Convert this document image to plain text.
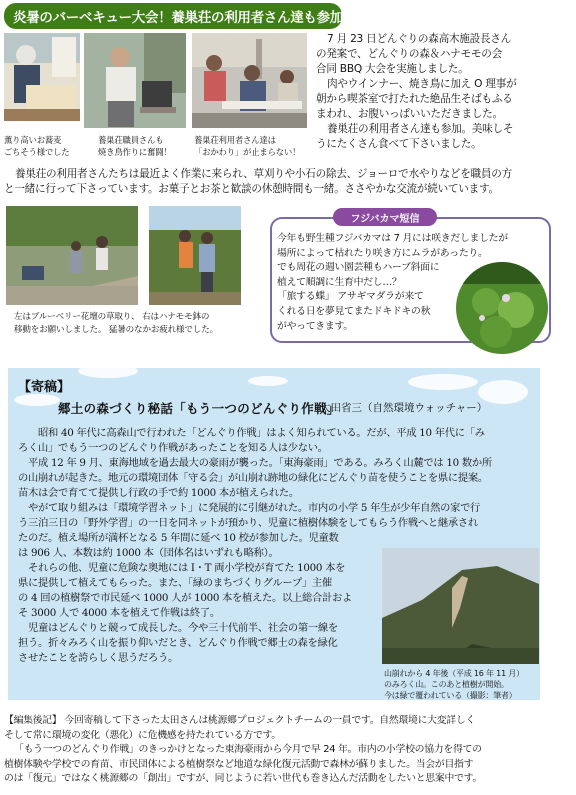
炎暑のバーベキュー大会！養巣荘の利用者さん達も参加
薫り高いお蕎麦
ごちそう様でした
養巣荘職員さんも
焼き鳥作りに奮闘！
養巣荘利用者さん達は
「おかわり」が止まらない！
7 月 23 日どんぐりの森高木施設長さん
の発案で、どんぐりの森＆ハナモモの会
合同 BBQ 大会を実施しました。
肉やウインナー、焼き鳥に加え O 理事が
朝から喫茶室で打たれた絶品生そばもふる
まわれ、お腹いっぱいいただきました。
養巣荘の利用者さん達も参加。美味しそ
うにたくさん食べて下さいました。
養巣荘の利用者さんたちは最近よく作業に来られ、草刈りや小石の除去、ジョーロで水やりなどを職員の方
と一緒に行って下さっています。お菓子とお茶と歓談の休憩時間も一緒。ささやかな交流が続いています。
左はブルーベリー花壇の草取り、 右はハナモモ鉢の
移動をお願いしました。 猛暑のなかお疲れ様でした。
フジバカマ短信
今年も野生種フジバカマは 7 月には咲きだしましたが
場所によって枯れたり咲き方にムラがあったり。
でも周花の週い園芸種もハーブ斜面に
植えて順調に生育中だし…？
「旅する蝶」 アサギマダラが来て
くれる日を夢見てまたドキドキの秋
がやってきます。
【寄稿】
郷土の森づくり秘話「もう一つのどんぐり作戦」
太田省三（自然環境ウォッチャー）
昭和 40 年代に高森山で行われた「どんぐり作戦」はよく知られている。だが、平成 10 年代に「み
ろく山」でもう一つのどんぐり作戦があったことを知る人は少ない。
平成 12 年 9 月、東海地域を過去最大の豪雨が襲った。「東海豪雨」である。みろく山麓では 10 数か所
の山崩れが起きた。地元の環境団体「守る会」が山崩れ跡地の緑化にどんぐり苗を使うことを県に提案。
苗木は会で育てて提供し行政の手で約 1000 本が植えられた。
やがて取り組みは「環境学習ネット」に発展的に引継がれた。市内の小学 5 年生が少年自然の家で行
う三泊三日の「野外学習」の一日を同ネットが預かり、児童に植樹体験をしてもらう作戦へと継承され
たのだ。植え場所が満杯となる 5 年間に延べ 10 校が参加した。児童数
は 906 人、本数は約 1000 本（団体名はいずれも略称）。
それらの他、児童に危険な奥地には I・T 両小学校が育てた 1000 本を
県に提供して植えてもらった。また、「緑のまちづくりグループ」主催
の 4 回の植樹祭で市民延べ 1000 人が 1000 本を植えた。以上総合計およ
そ 3000 人で 4000 本を植えて作戦は終了。
児童はどんぐりと競って成長した。今や三十代前半、社会の第一線を
担う。折々みろく山を振り仰いだとき、どんぐり作戦で郷土の森を緑化
させたことを誇らしく思うだろう。
山崩れから 4 年後（平成 16 年 11 月）
のみろく山。このあと植樹が開始。
今は緑で覆われている（撮影：筆者）
【編集後記】 今回寄稿して下さった太田さんは桃源郷プロジェクトチームの一員です。自然環境に大変詳しく
そして常に環境の変化（悪化）に危機感を持たれている方です。
「もう一つのどんぐり作戦」のきっかけとなった東海豪雨から今月で早 24 年。市内の小学校の協力を得ての
植樹体験や学校での育苗、市民団体による植樹祭など地道な緑化復元活動で森林が蘇りました。当会が目指す
のは「復元」ではなく桃源郷の「創出」ですが、同じように若い世代も巻き込んだ活動をしたいと思案中です。
